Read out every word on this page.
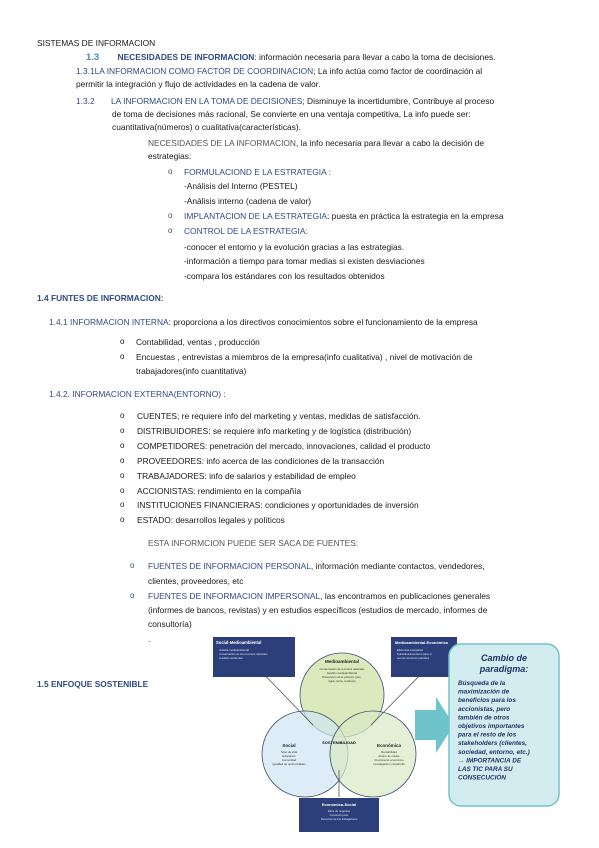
SISTEMAS DE INFORMACION
1.3 NECESIDADES DE INFORMACION: información necesaria para llevar a cabo la toma de decisiones.
1.3.1LA INFORMACION COMO FACTOR DE COORDINACION; La info actúa como factor de coordinación al
permitir la integración y flujo de actividades en la cadena de valor.
1.3.2 LA INFORMACION EN LA TOMA DE DECISIONES; Disminuye la incertidumbre, Contribuye al proceso
de toma de decisiones más racional, Se convierte en una ventaja competitiva, La info puede ser:
cuantitativa(números) o cualitativa(características).
NECESIDADES DE LA INFORMACION, la info necesaria para llevar a cabo la decisión de
estrategias:
o FORMULACIOND E LA ESTRATEGIA :
-Análisis del Interno (PESTEL)
-Análisis interno (cadena de valor)
o IMPLANTACION DE LA ESTRATEGIA: puesta en práctica la estrategia en la empresa
o CONTROL DE LA ESTRATEGIA:
-conocer el entorno y la evolución gracias a las estrategias.
-información a tiempo para tomar medias si existen desviaciones
-compara los estándares con los resultados obtenidos
1.4 FUNTES DE INFORMACION:
1.4.1 INFORMACION INTERNA: proporciona a los directivos conocimientos sobre el funcionamiento de la empresa
o Contabilidad, ventas , producción
o Encuestas , entrevistas a miembros de la empresa(info cualitativa) , nivel de motivación de
trabajadores(info cuantitativa)
1.4.2. INFORMACION EXTERNA(ENTORNO) :
o CUENTES; re requiere info del marketing y ventas, medidas de satisfacción.
o DISTRIBUIDORES: se requiere info marketing y de logística (distribución)
o COMPETIDORES: penetración del mercado, innovaciones, calidad el producto
o PROVEEDORES: info acerca de las condiciones de la transacción
o TRABAJADORES: info de salarios y estabilidad de empleo
o ACCIONISTAS: rendimiento en la compañía
o INSTITUCIONES FINANCIERAS: condiciones y oportunidades de inversión
o ESTADO: desarrollos legales y políticos
ESTA INFORMCION PUEDE SER SACA DE FUENTES:
o FUENTES DE INFORMACION PERSONAL, información mediante contactos, vendedores,
clientes, proveedores, etc
o FUENTES DE INFORMACION IMPERSONAL, las encontramos en publicaciones generales
(informes de bancos, revistas) y en estudios específicos (estudios de mercado, informes de
consultoría)
.
1.5 ENFOQUE SOSTENIBLE
Social-Medioambiental
Justicia medioambiental
conservación de los recursos naturales
Cuidado ambiental
Medioambiental-Económica
Eficiencia energética
Subsidios/incentivos para el
uso de recursos naturales
Medioambiental
Conservación de recursos naturales
Gestión medioambiental
Prevención de la polución (aire,
agua, tierra, residuos)
Social
Nivel de vida
Educación
Comunidad
Igualdad de oportunidades
Económica
Rentabilidad
Ahorro de costes
Crecimiento económico
Investigación y desarrollo
SOSTENIBILIDAD
Económica-Social
Ética de negocios
Comercio justo
Derechos de los trabajadores
Cambio de
paradigma:
Búsqueda de la
maximización de
beneficios para los
accionistas, pero
también de otros
objetivos importantes
para el resto de los
stakeholders (clientes,
sociedad, entorno, etc.)
→ IMPORTANCIA DE
LAS TIC PARA SU
CONSECUCIÓN
